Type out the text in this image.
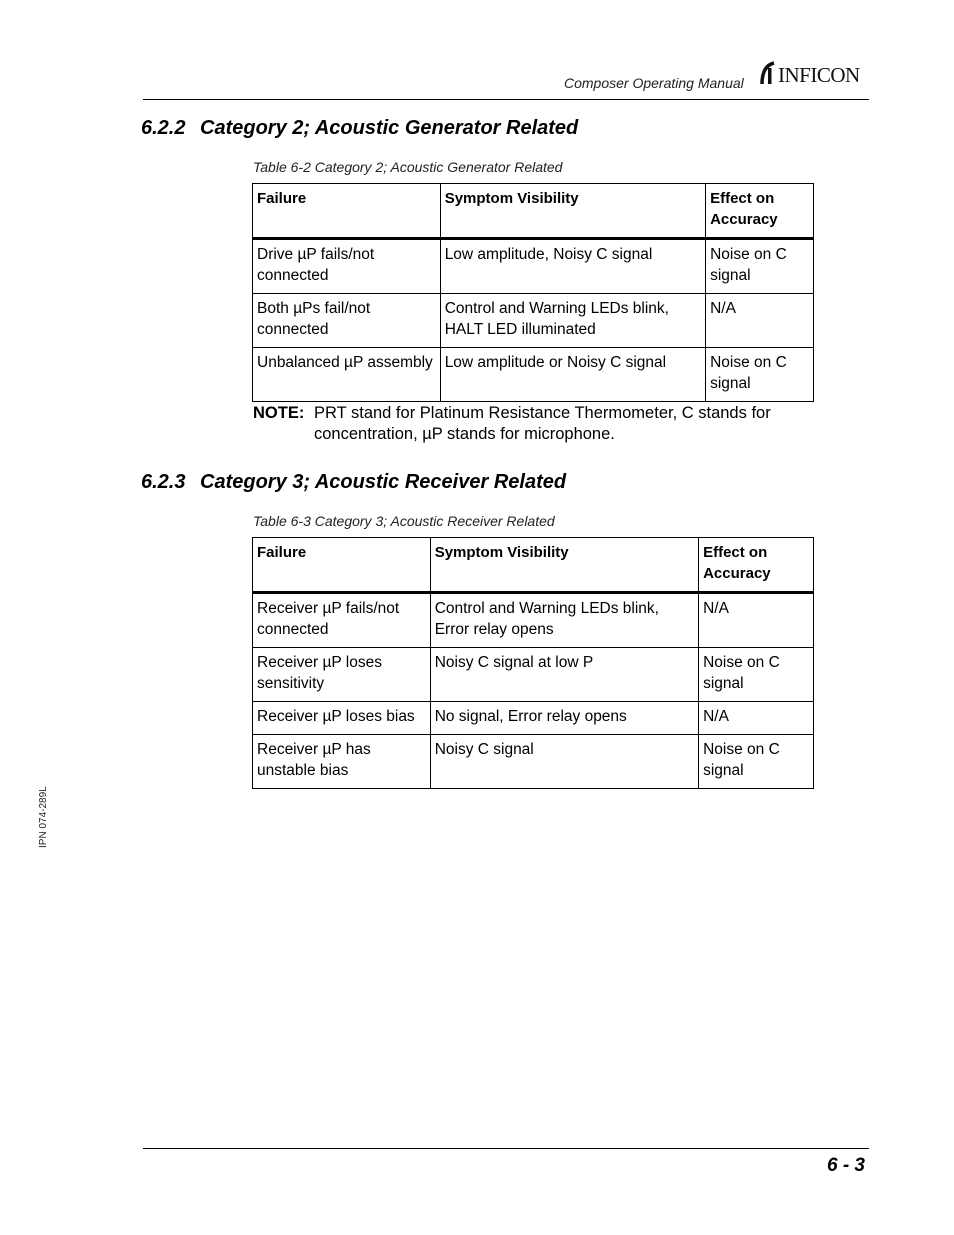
Composer Operating Manual INFICON
6.2.2 Category 2; Acoustic Generator Related
Table 6-2 Category 2; Acoustic Generator Related
Failure	Symptom Visibility	Effect on Accuracy
Drive µP fails/not connected	Low amplitude, Noisy C signal	Noise on C signal
Both µPs fail/not connected	Control and Warning LEDs blink, HALT LED illuminated	N/A
Unbalanced µP assembly	Low amplitude or Noisy C signal	Noise on C signal
NOTE: PRT stand for Platinum Resistance Thermometer, C stands for concentration, µP stands for microphone.
6.2.3 Category 3; Acoustic Receiver Related
Table 6-3 Category 3; Acoustic Receiver Related
Failure	Symptom Visibility	Effect on Accuracy
Receiver µP fails/not connected	Control and Warning LEDs blink, Error relay opens	N/A
Receiver µP loses sensitivity	Noisy C signal at low P	Noise on C signal
Receiver µP loses bias	No signal, Error relay opens	N/A
Receiver µP has unstable bias	Noisy C signal	Noise on C signal
IPN 074-289L
6 - 3
